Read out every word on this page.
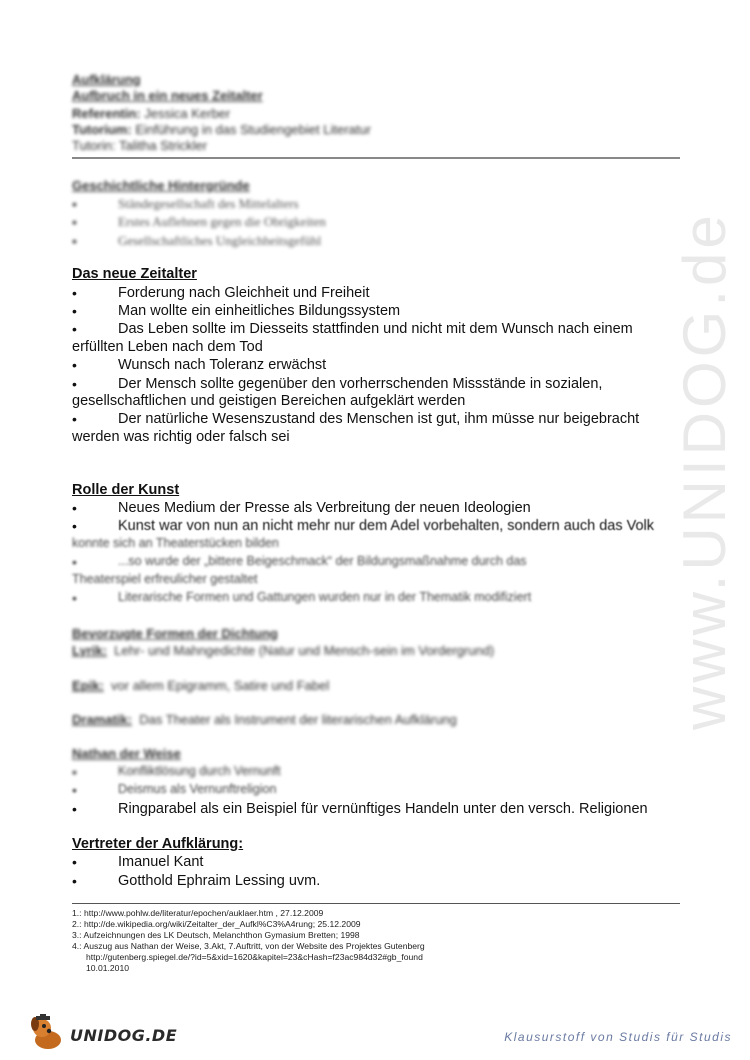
www.UNIDOG.de
Aufklärung
Aufbruch in ein neues Zeitalter
Referentin: Jessica Kerber
Tutorium: Einführung in das Studiengebiet Literatur
Tutorin: Talitha Strickler
Geschichtliche Hintergründe
•	Ständegesellschaft des Mittelalters
•	Erstes Auflehnen gegen die Obrigkeiten
•	Gesellschaftliches Ungleichheitsgefühl
Das neue Zeitalter
•	Forderung nach Gleichheit und Freiheit
•	Man wollte ein einheitliches Bildungssystem
•	Das Leben sollte im Diesseits stattfinden und nicht mit dem Wunsch nach einem
erfüllten Leben nach dem Tod
•	Wunsch nach Toleranz erwächst
•	Der Mensch sollte gegenüber den vorherrschenden Missstände in sozialen,
gesellschaftlichen und geistigen Bereichen aufgeklärt werden
•	Der natürliche Wesenszustand des Menschen ist gut, ihm müsse nur beigebracht
werden was richtig oder falsch sei
Rolle der Kunst
•	Neues Medium der Presse als Verbreitung der neuen Ideologien
•	Kunst war von nun an nicht mehr nur dem Adel vorbehalten, sondern auch das Volk
konnte sich an Theaterstücken bilden
•	...so wurde der „bittere Beigeschmack“ der Bildungsmaßnahme durch das
Theaterspiel erfreulicher gestaltet
•	Literarische Formen und Gattungen wurden nur in der Thematik modifiziert
Bevorzugte Formen der Dichtung
Lyrik: Lehr- und Mahngedichte (Natur und Mensch-sein im Vordergrund)
Epik: vor allem Epigramm, Satire und Fabel
Dramatik: Das Theater als Instrument der literarischen Aufklärung
Nathan der Weise
•	Konfliktlösung durch Vernunft
•	Deismus als Vernunftreligion
•	Ringparabel als ein Beispiel für vernünftiges Handeln unter den versch. Religionen
Vertreter der Aufklärung:
•	Imanuel Kant
•	Gotthold Ephraim Lessing uvm.
1.: http://www.pohlw.de/literatur/epochen/auklaer.htm , 27.12.2009
2.: http://de.wikipedia.org/wiki/Zeitalter_der_Aufkl%C3%A4rung; 25.12.2009
3.: Aufzeichnungen des LK Deutsch, Melanchthon Gymasium Bretten; 1998
4.: Auszug aus Nathan der Weise, 3.Akt, 7.Auftritt, von der Website des Projektes Gutenberg
http://gutenberg.spiegel.de/?id=5&xid=1620&kapitel=23&cHash=f23ac984d32#gb_found
10.01.2010
UNIDOG.DE	Klausurstoff von Studis für Studis
